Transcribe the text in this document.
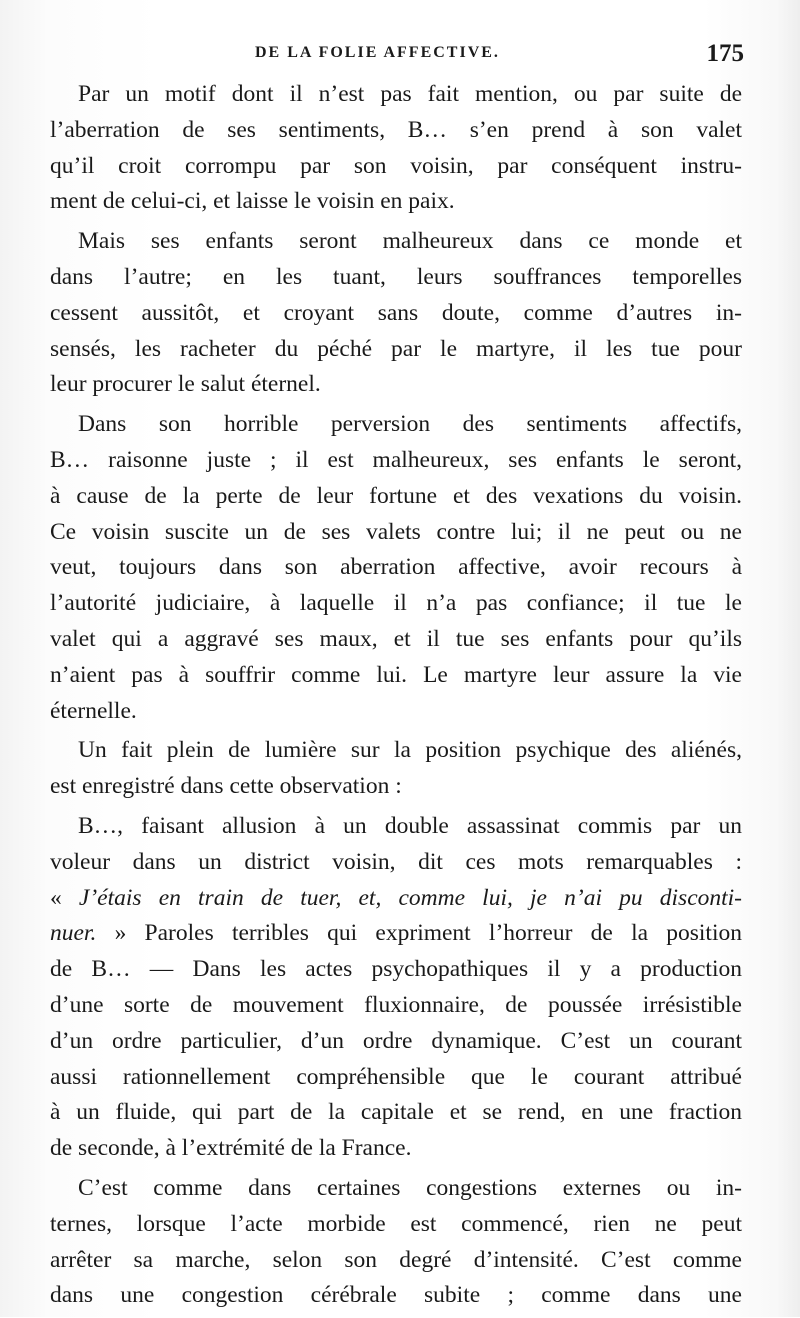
DE LA FOLIE AFFECTIVE.	175
Par un motif dont il n’est pas fait mention, ou par suite de
l’aberration de ses sentiments, B… s’en prend à son valet
qu’il croit corrompu par son voisin, par conséquent instru-
ment de celui-ci, et laisse le voisin en paix.
Mais ses enfants seront malheureux dans ce monde et
dans l’autre; en les tuant, leurs souffrances temporelles
cessent aussitôt, et croyant sans doute, comme d’autres in-
sensés, les racheter du péché par le martyre, il les tue pour
leur procurer le salut éternel.
Dans son horrible perversion des sentiments affectifs,
B… raisonne juste ; il est malheureux, ses enfants le seront,
à cause de la perte de leur fortune et des vexations du voisin.
Ce voisin suscite un de ses valets contre lui; il ne peut ou ne
veut, toujours dans son aberration affective, avoir recours à
l’autorité judiciaire, à laquelle il n’a pas confiance; il tue le
valet qui a aggravé ses maux, et il tue ses enfants pour qu’ils
n’aient pas à souffrir comme lui. Le martyre leur assure la vie
éternelle.
Un fait plein de lumière sur la position psychique des aliénés,
est enregistré dans cette observation :
B…, faisant allusion à un double assassinat commis par un
voleur dans un district voisin, dit ces mots remarquables :
« J’étais en train de tuer, et, comme lui, je n’ai pu disconti-
nuer. » Paroles terribles qui expriment l’horreur de la position
de B… — Dans les actes psychopathiques il y a production
d’une sorte de mouvement fluxionnaire, de poussée irrésistible
d’un ordre particulier, d’un ordre dynamique. C’est un courant
aussi rationnellement compréhensible que le courant attribué
à un fluide, qui part de la capitale et se rend, en une fraction
de seconde, à l’extrémité de la France.
C’est comme dans certaines congestions externes ou in-
ternes, lorsque l’acte morbide est commencé, rien ne peut
arrêter sa marche, selon son degré d’intensité. C’est comme
dans une congestion cérébrale subite ; comme dans une
